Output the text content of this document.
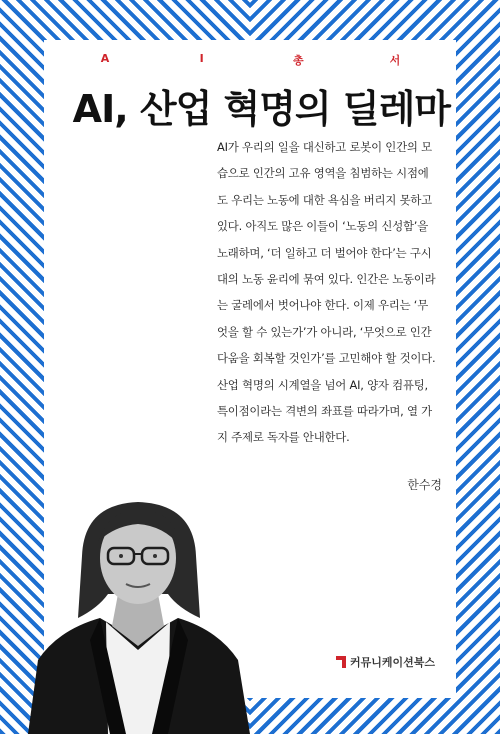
A	I	총	서
AI, 산업 혁명의 딜레마

AI가 우리의 일을 대신하고 로봇이 인간의 모

습으로 인간의 고유 영역을 침범하는 시점에

도 우리는 노동에 대한 욕심을 버리지 못하고

있다. 아직도 많은 이들이 ‘노동의 신성함’을

노래하며, ‘더 일하고 더 벌어야 한다’는 구시

대의 노동 윤리에 묶여 있다. 인간은 노동이라

는 굴레에서 벗어나야 한다. 이제 우리는 ‘무

엇을 할 수 있는가’가 아니라, ‘무엇으로 인간

다움을 회복할 것인가’를 고민해야 할 것이다.

산업 혁명의 시계열을 넘어 AI, 양자 컴퓨팅,

특이점이라는 격변의 좌표를 따라가며, 열 가

지 주제로 독자를 안내한다.

한수경
커뮤니케이션북스
